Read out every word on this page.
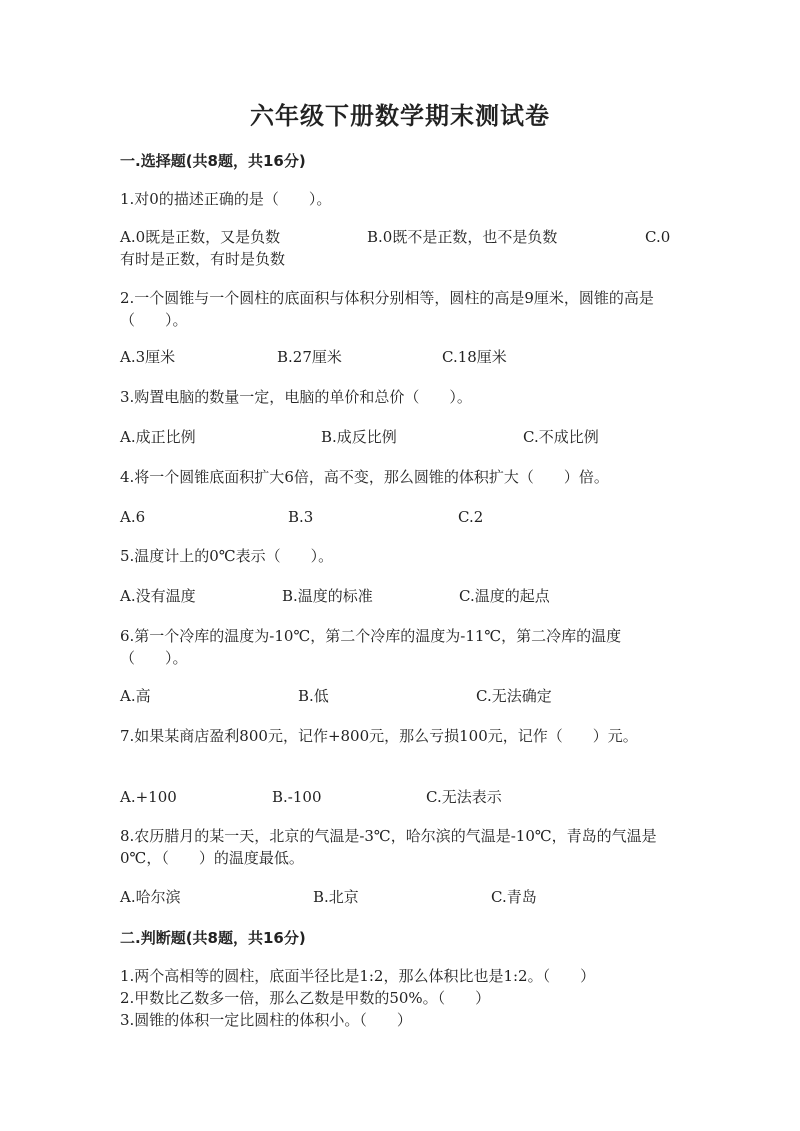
六年级下册数学期末测试卷
一.选择题(共8题，共16分)
1.对0的描述正确的是（　　）。
A.0既是正数，又是负数	B.0既不是正数，也不是负数	C.0
有时是正数，有时是负数
2.一个圆锥与一个圆柱的底面积与体积分别相等，圆柱的高是9厘米，圆锥的高是（　　）。
A.3厘米	B.27厘米	C.18厘米
3.购置电脑的数量一定，电脑的单价和总价（　　）。
A.成正比例	B.成反比例	C.不成比例
4.将一个圆锥底面积扩大6倍，高不变，那么圆锥的体积扩大（　　）倍。
A.6	B.3	C.2
5.温度计上的0℃表示（　　）。
A.没有温度	B.温度的标准	C.温度的起点
6.第一个冷库的温度为-10℃，第二个冷库的温度为-11℃，第二冷库的温度（　　）。
A.高	B.低	C.无法确定
7.如果某商店盈利800元，记作+800元，那么亏损100元，记作（　　）元。
A.+100	B.-100	C.无法表示
8.农历腊月的某一天，北京的气温是-3℃，哈尔滨的气温是-10℃，青岛的气温是0℃，（　　）的温度最低。
A.哈尔滨	B.北京	C.青岛
二.判断题(共8题，共16分)
1.两个高相等的圆柱，底面半径比是1:2，那么体积比也是1:2。（　　）
2.甲数比乙数多一倍，那么乙数是甲数的50%。（　　）
3.圆锥的体积一定比圆柱的体积小。（　　）
